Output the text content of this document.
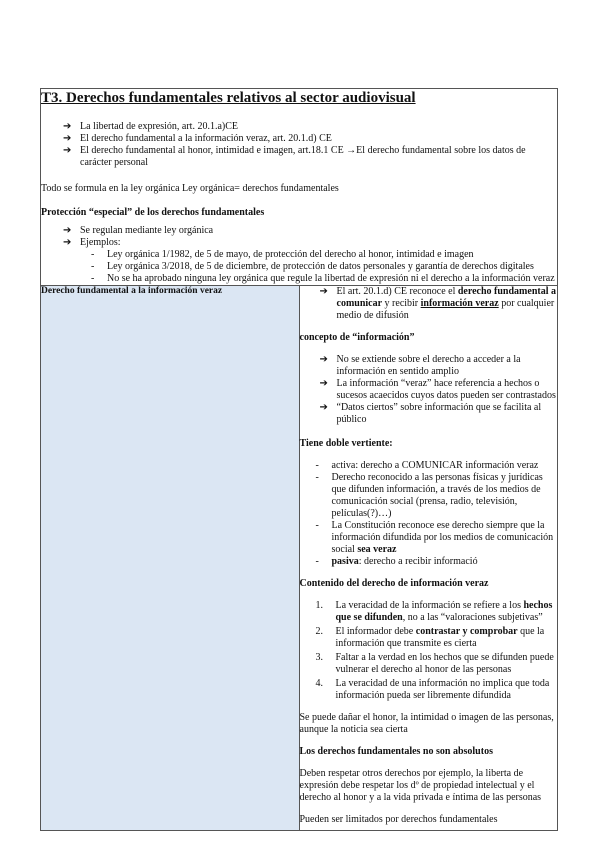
T3. Derechos fundamentales relativos al sector audiovisual
➔ La libertad de expresión, art. 20.1.a)CE
➔ El derecho fundamental a la información veraz, art. 20.1.d) CE
➔ El derecho fundamental al honor, intimidad e imagen, art.18.1 CE →El derecho fundamental sobre los datos de carácter personal

Todo se formula en la ley orgánica Ley orgánica= derechos fundamentales

Protección “especial” de los derechos fundamentales

➔ Se regulan mediante ley orgánica
➔ Ejemplos:
- Ley orgánica 1/1982, de 5 de mayo, de protección del derecho al honor, intimidad e imagen
- Ley orgánica 3/2018, de 5 de diciembre, de protección de datos personales y garantía de derechos digitales
- No se ha aprobado ninguna ley orgánica que regule la libertad de expresión ni el derecho a la información veraz

Derecho fundamental a la información veraz	➔ El art. 20.1.d) CE reconoce el derecho fundamental a comunicar y recibir información veraz por cualquier medio de difusión

concepto de “información”

➔ No se extiende sobre el derecho a acceder a la información en sentido amplio
➔ La información “veraz” hace referencia a hechos o sucesos acaecidos cuyos datos pueden ser contrastados
➔ “Datos ciertos” sobre información que se facilita al público

Tiene doble vertiente:

- activa: derecho a COMUNICAR información veraz
- Derecho reconocido a las personas físicas y jurídicas que difunden información, a través de los medios de comunicación social (prensa, radio, televisión, películas(?)…)
- La Constitución reconoce ese derecho siempre que la información difundida por los medios de comunicación social sea veraz
- pasiva: derecho a recibir informació

Contenido del derecho de información veraz

1. La veracidad de la información se refiere a los hechos que se difunden, no a las “valoraciones subjetivas”
2. El informador debe contrastar y comprobar que la información que transmite es cierta
3. Faltar a la verdad en los hechos que se difunden puede vulnerar el derecho al honor de las personas
4. La veracidad de una información no implica que toda información pueda ser libremente difundida

Se puede dañar el honor, la intimidad o imagen de las personas, aunque la noticia sea cierta

Los derechos fundamentales no son absolutos

Deben respetar otros derechos por ejemplo, la liberta de expresión debe respetar los dº de propiedad intelectual y el derecho al honor y a la vida privada e íntima de las personas

Pueden ser limitados por derechos fundamentales
